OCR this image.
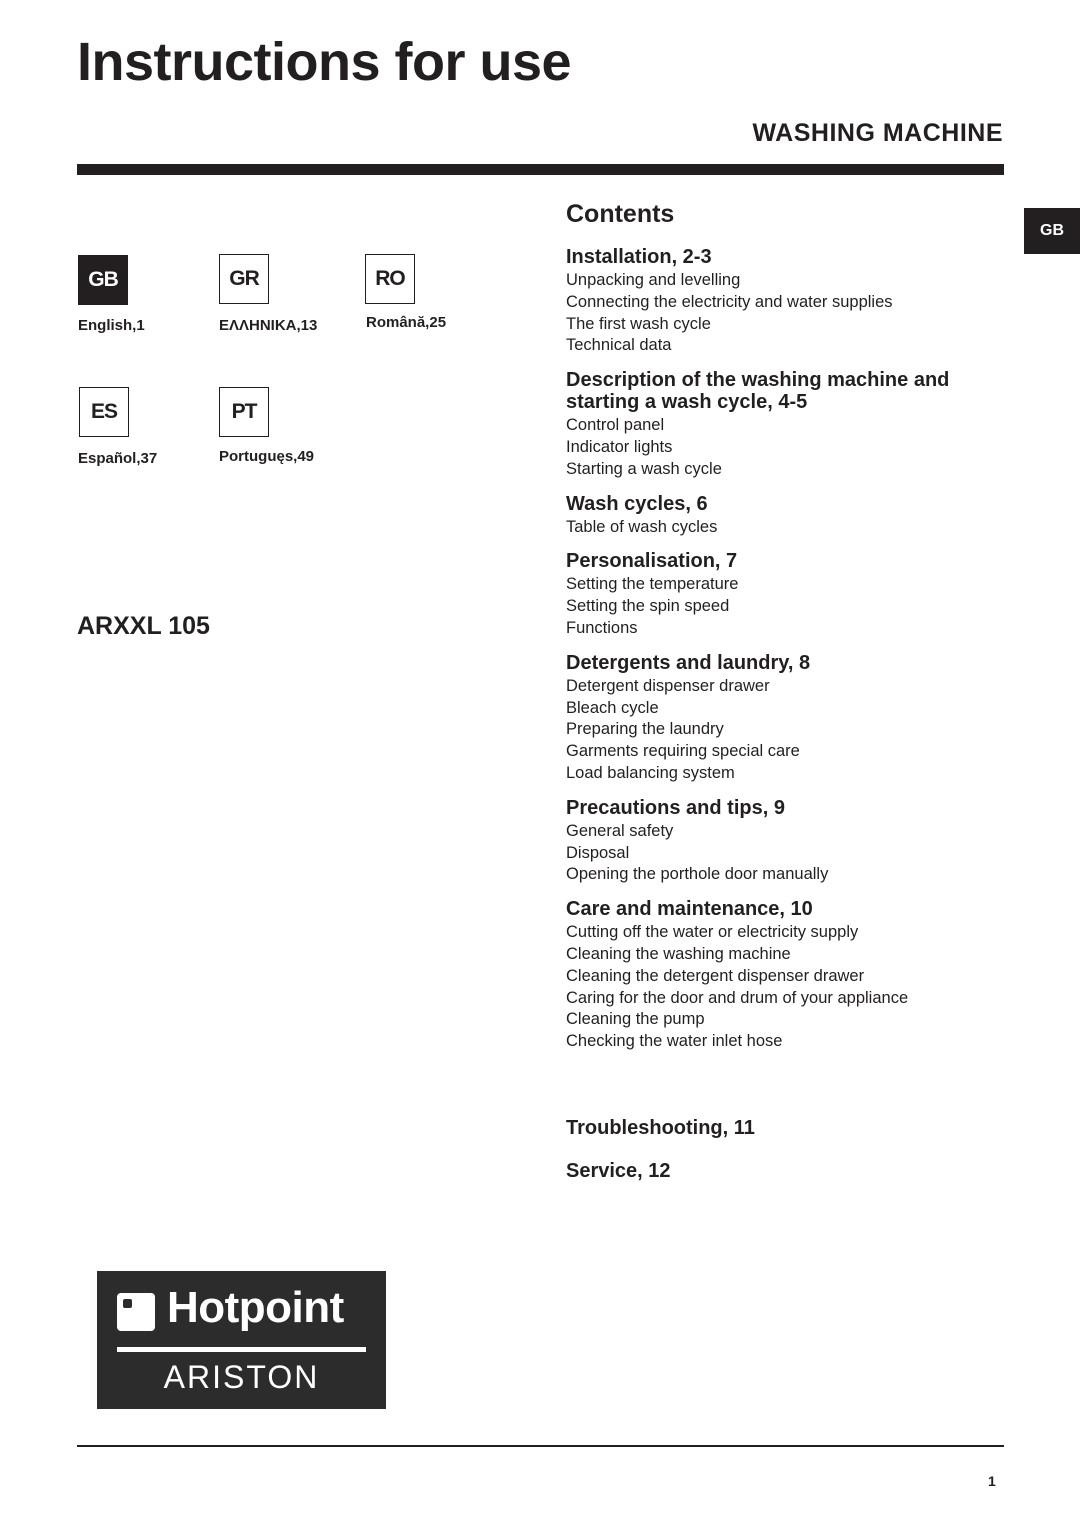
Instructions for use
WASHING MACHINE
GB
GB
English,1
GR
ΕΛΛΗΝΙΚΑ,13
RO
Română,25
ES
Español,37
PT
Portuguęs,49
ARXXL 105
Contents
Installation, 2-3
Unpacking and levelling
Connecting the electricity and water supplies
The first wash cycle
Technical data
Description of the washing machine and starting a wash cycle, 4-5
Control panel
Indicator lights
Starting a wash cycle
Wash cycles, 6
Table of wash cycles
Personalisation, 7
Setting the temperature
Setting the spin speed
Functions
Detergents and laundry, 8
Detergent dispenser drawer
Bleach cycle
Preparing the laundry
Garments requiring special care
Load balancing system
Precautions and tips, 9
General safety
Disposal
Opening the porthole door manually
Care and maintenance, 10
Cutting off the water or electricity supply
Cleaning the washing machine
Cleaning the detergent dispenser drawer
Caring for the door and drum of your appliance
Cleaning the pump
Checking the water inlet hose
Troubleshooting, 11
Service, 12
Hotpoint
ARISTON
1
